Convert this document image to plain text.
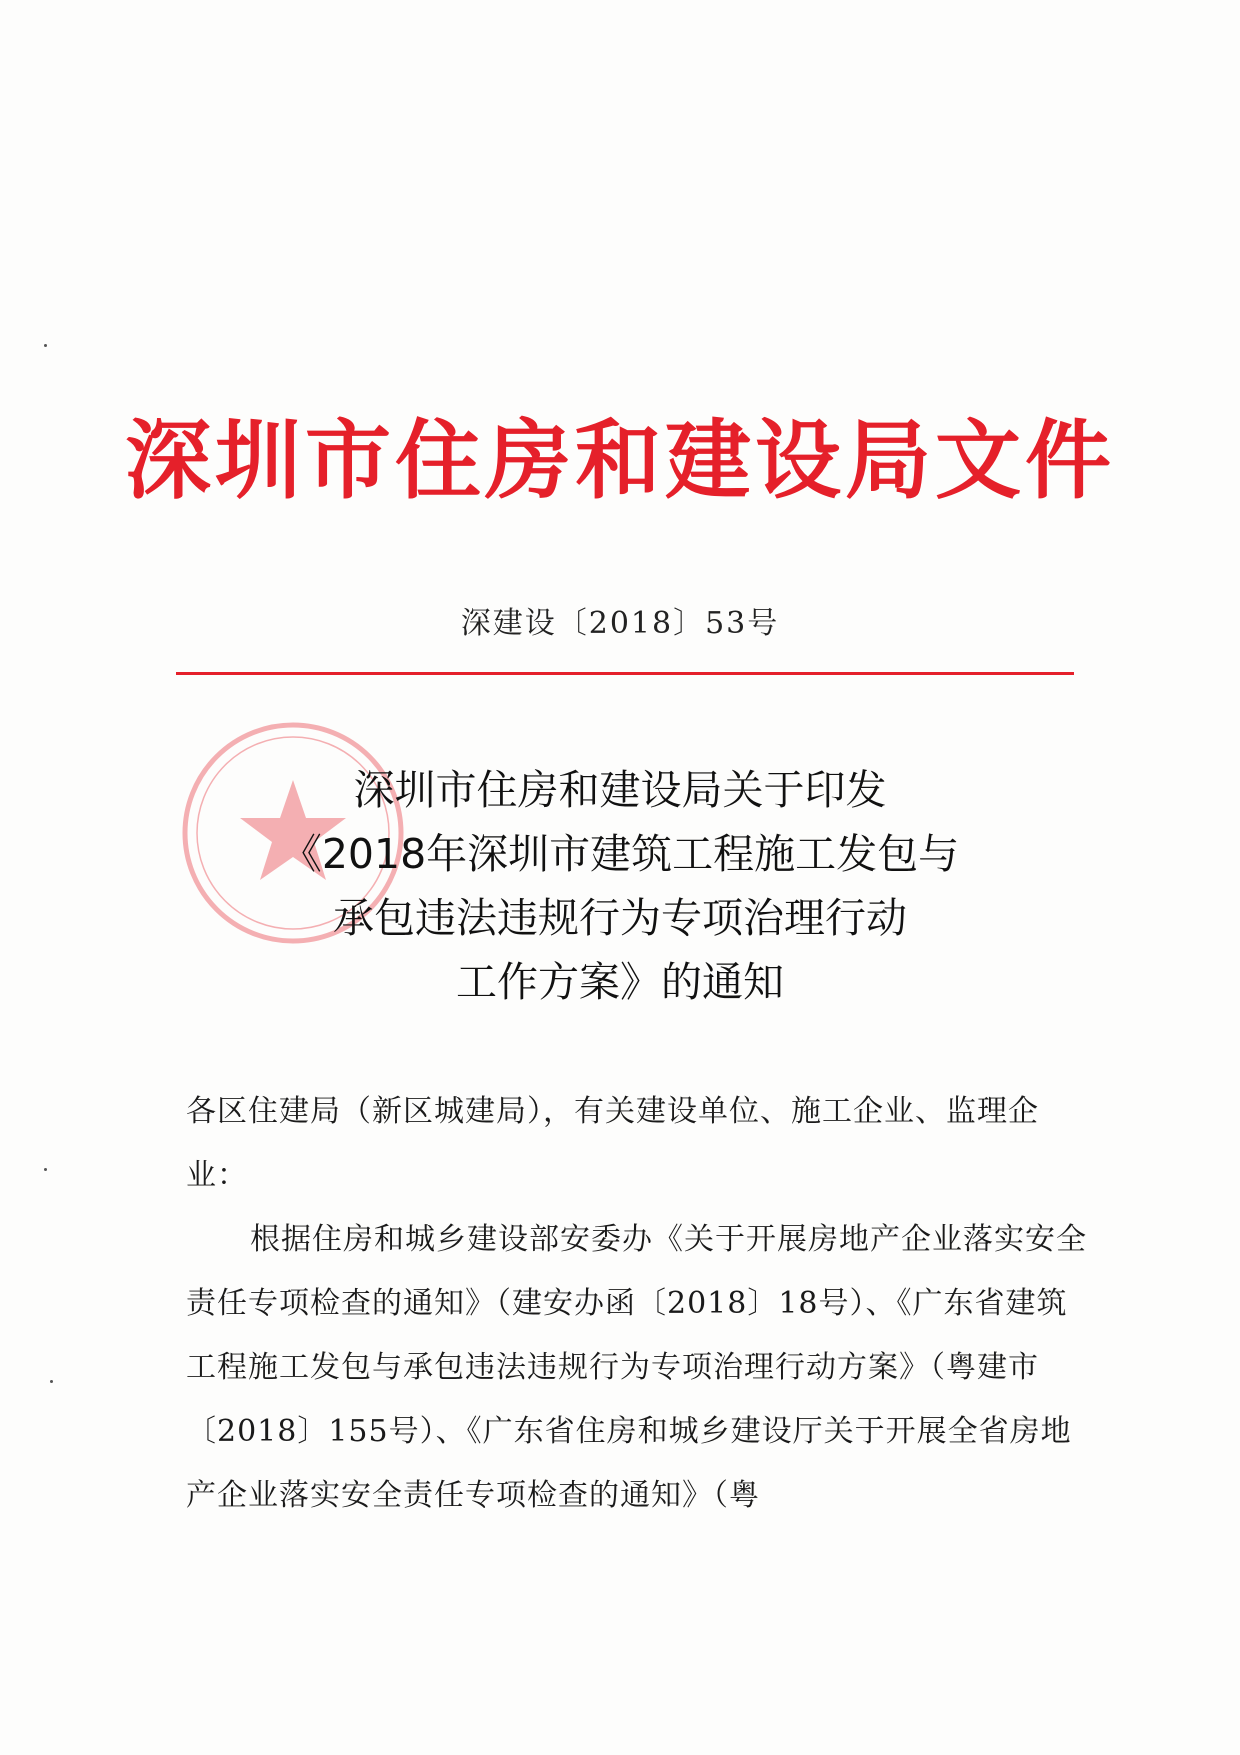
深圳市住房和建设局文件
深建设〔2018〕53号
深圳市住房和建设局关于印发
《2018年深圳市建筑工程施工发包与
承包违法违规行为专项治理行动
工作方案》的通知

各区住建局（新区城建局），有关建设单位、施工企业、监理企业：

根据住房和城乡建设部安委办《关于开展房地产企业落实安全责任专项检查的通知》（建安办函〔2018〕18号）、《广东省建筑工程施工发包与承包违法违规行为专项治理行动方案》（粤建市〔2018〕155号）、《广东省住房和城乡建设厅关于开展全省房地产企业落实安全责任专项检查的通知》（粤
